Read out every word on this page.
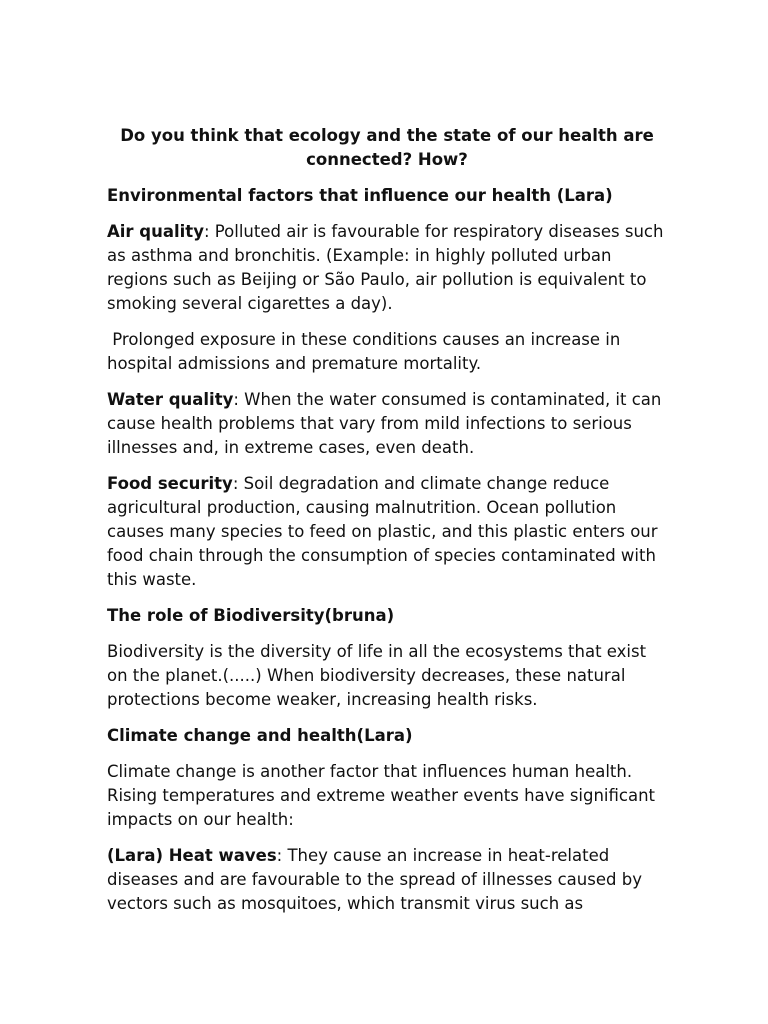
Do you think that ecology and the state of our health are connected? How?
Environmental factors that influence our health (Lara)

Air quality: Polluted air is favourable for respiratory diseases such as asthma and bronchitis. (Example: in highly polluted urban regions such as Beijing or São Paulo, air pollution is equivalent to smoking several cigarettes a day).

Prolonged exposure in these conditions causes an increase in hospital admissions and premature mortality.

Water quality: When the water consumed is contaminated, it can cause health problems that vary from mild infections to serious illnesses and, in extreme cases, even death.

Food security: Soil degradation and climate change reduce agricultural production, causing malnutrition. Ocean pollution causes many species to feed on plastic, and this plastic enters our food chain through the consumption of species contaminated with this waste.

The role of Biodiversity(bruna)

Biodiversity is the diversity of life in all the ecosystems that exist on the planet.(.....) When biodiversity decreases, these natural protections become weaker, increasing health risks.

Climate change and health(Lara)

Climate change is another factor that influences human health. Rising temperatures and extreme weather events have significant impacts on our health:

(Lara) Heat waves: They cause an increase in heat-related diseases and are favourable to the spread of illnesses caused by vectors such as mosquitoes, which transmit virus such as
